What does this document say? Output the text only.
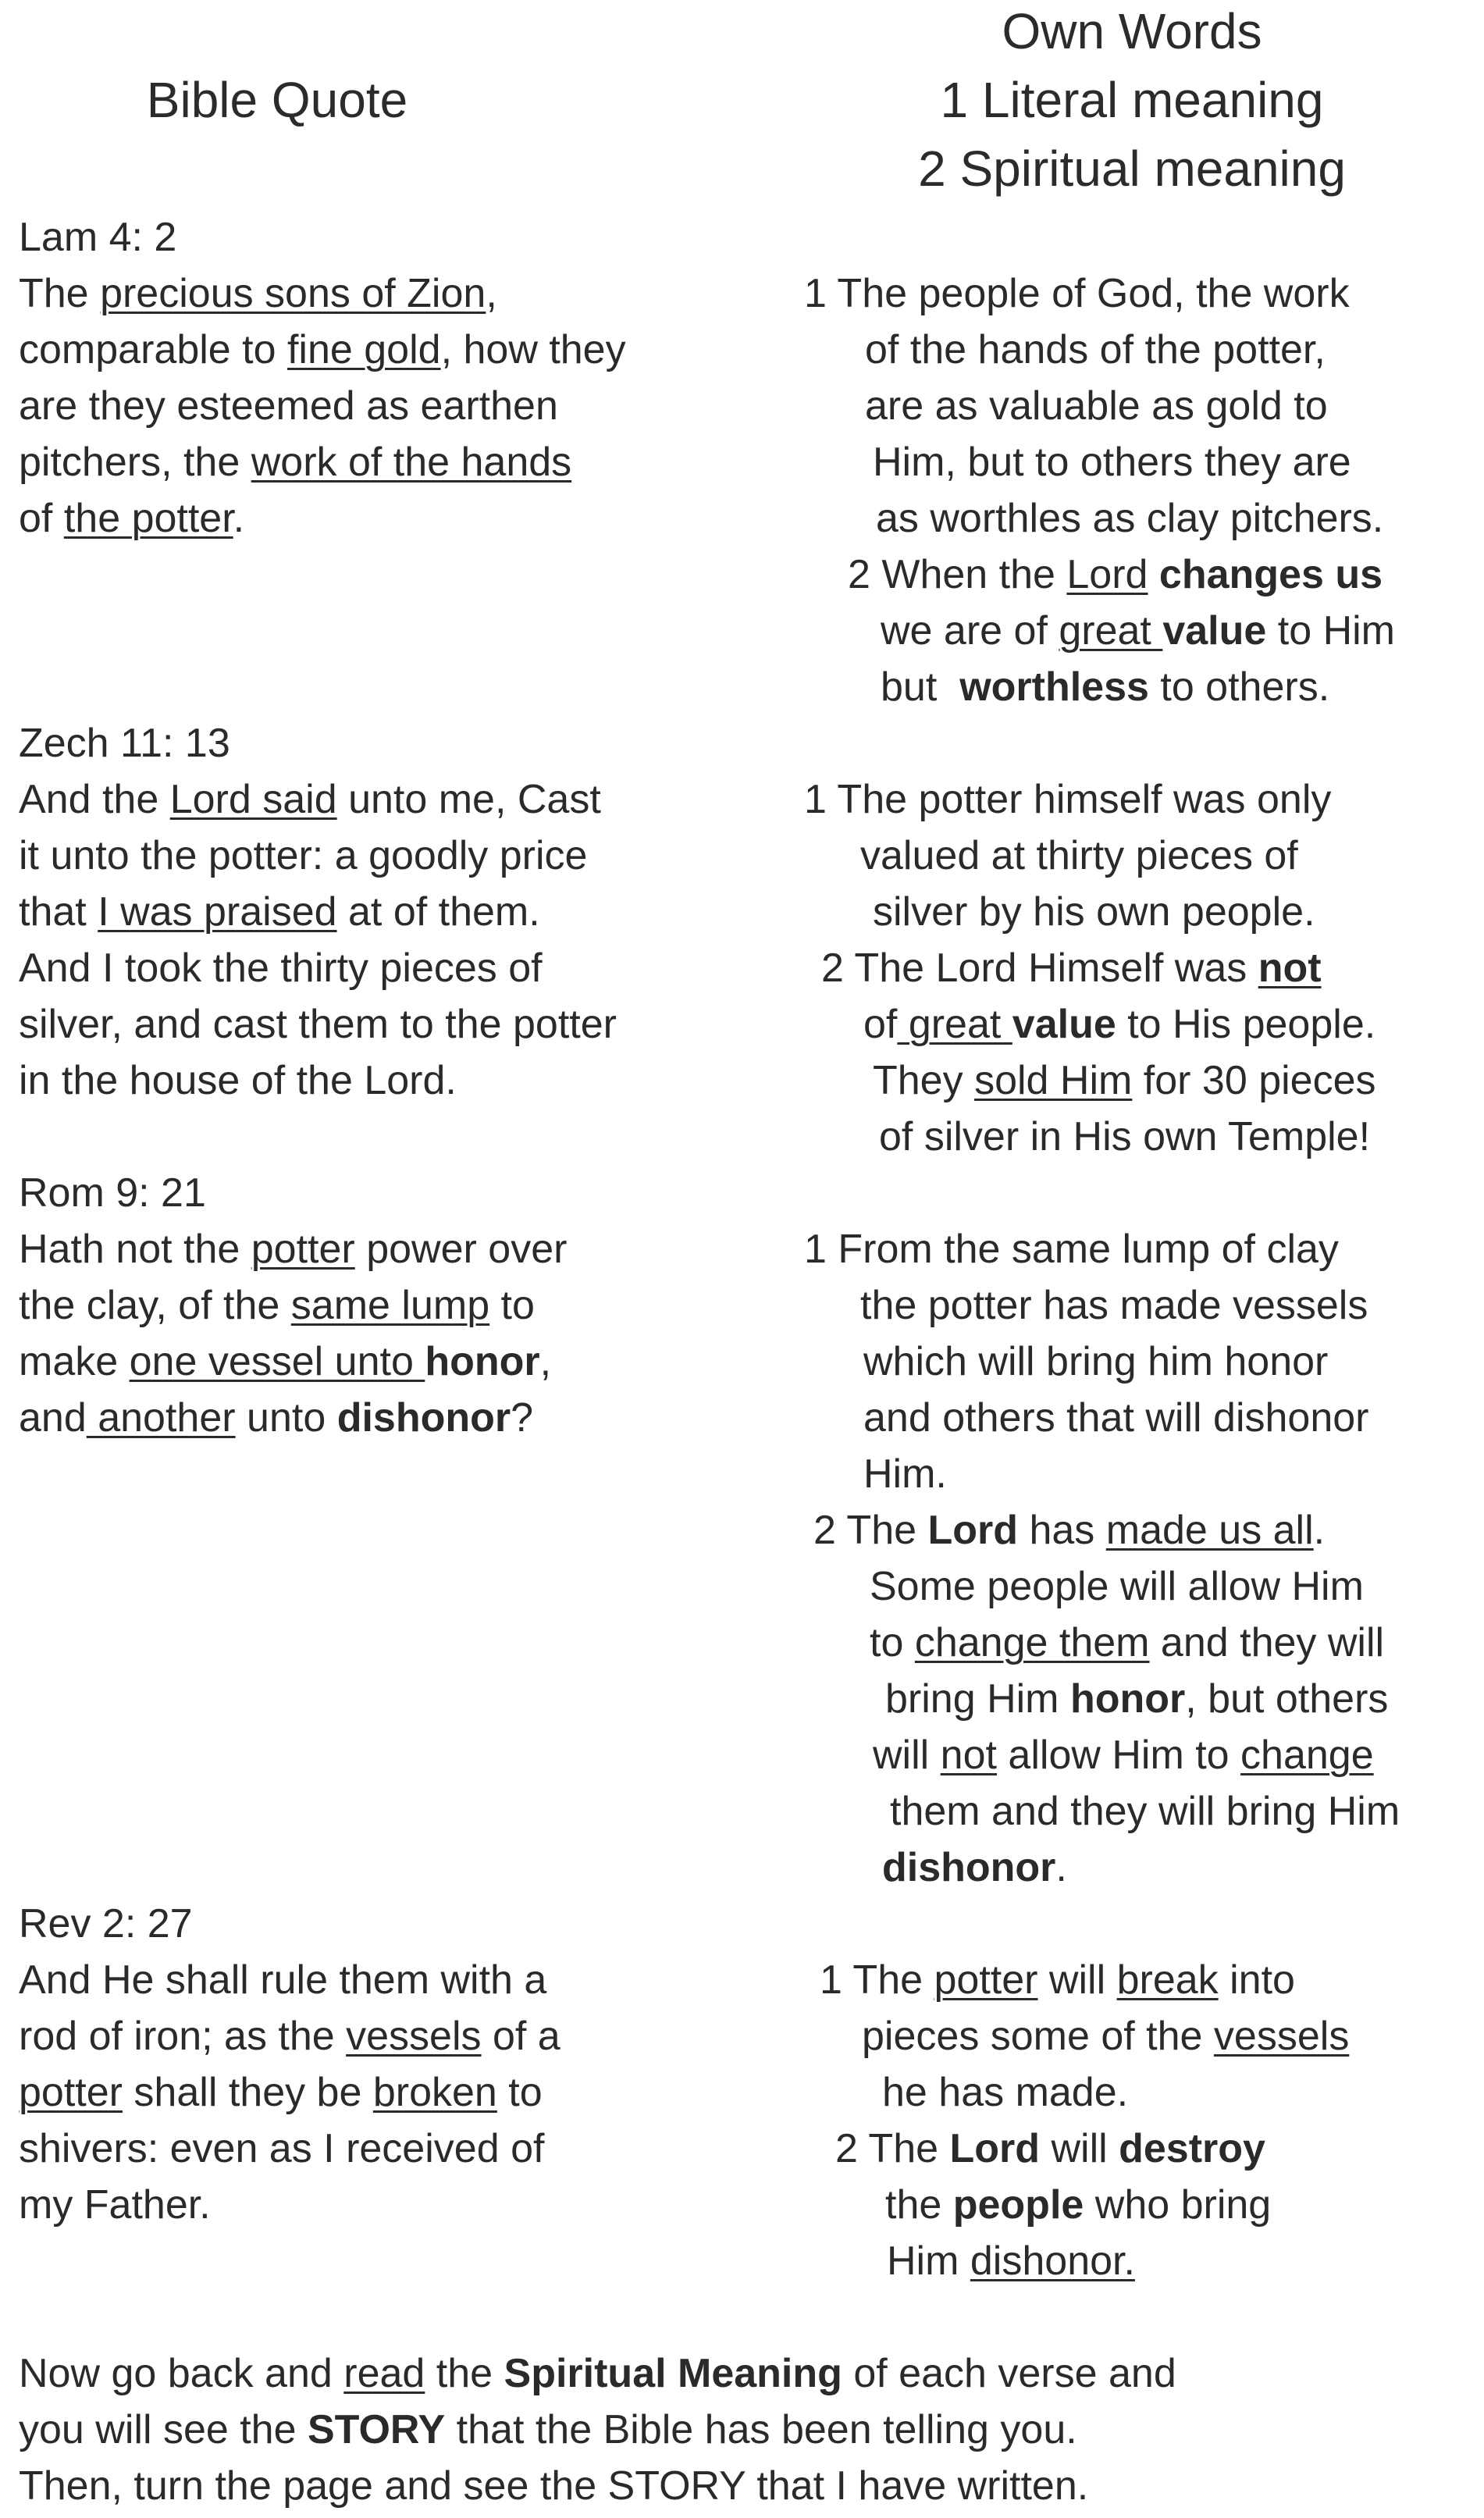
Bible Quote
Own Words
1 Literal meaning
2 Spiritual meaning
Lam 4: 2
The precious sons of Zion,
comparable to fine gold, how they
are they esteemed as earthen
pitchers, the work of the hands
of the potter.
1 The people of God, the work
of the hands of the potter,
are as valuable as gold to
Him, but to others they are
as worthles as clay pitchers.
2 When the Lord changes us
we are of great value to Him
but  worthless to others.
Zech 11: 13
And the Lord said unto me, Cast
it unto the potter: a goodly price
that I was praised at of them.
And I took the thirty pieces of
silver, and cast them to the potter
in the house of the Lord.
1 The potter himself was only
valued at thirty pieces of
silver by his own people.
2 The Lord Himself was not
of great value to His people.
They sold Him for 30 pieces
of silver in His own Temple!
Rom 9: 21
Hath not the potter power over
the clay, of the same lump to
make one vessel unto honor,
and another unto dishonor?
1 From the same lump of clay
the potter has made vessels
which will bring him honor
and others that will dishonor
Him.
2 The Lord has made us all.
Some people will allow Him
to change them and they will
bring Him honor, but others
will not allow Him to change
them and they will bring Him
dishonor.
Rev 2: 27
And He shall rule them with a
rod of iron; as the vessels of a
potter shall they be broken to
shivers: even as I received of
my Father.
1 The potter will break into
pieces some of the vessels
he has made.
2 The Lord will destroy
the people who bring
Him dishonor.
Now go back and read the Spiritual Meaning of each verse and
you will see the STORY that the Bible has been telling you.
Then, turn the page and see the STORY that I have written.
